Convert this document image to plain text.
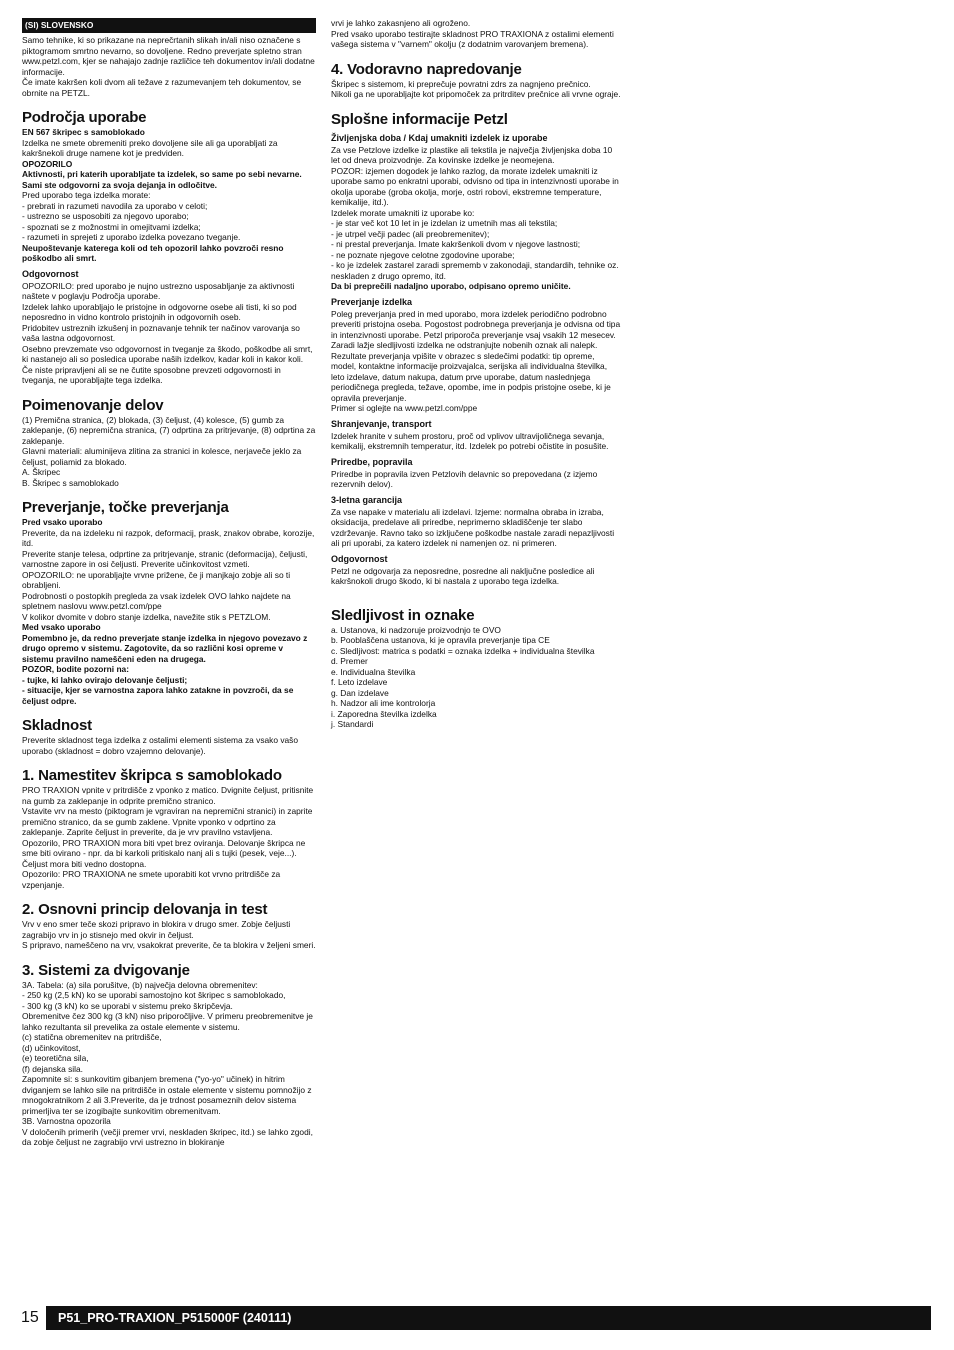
(SI) SLOVENSKO
Samo tehnike, ki so prikazane na neprečrtanih slikah in/ali niso označene s piktogramom smrtno nevarno, so dovoljene. Redno preverjate spletno stran www.petzl.com, kjer se nahajajo zadnje različice teh dokumentov in/ali dodatne informacije.
Če imate kakršen koli dvom ali težave z razumevanjem teh dokumentov, se obrnite na PETZL.
Področja uporabe
EN 567 škripec s samoblokado
Izdelka ne smete obremeniti preko dovoljene sile ali ga uporabljati za kakršnekoli druge namene kot je predviden.
OPOZORILO
Aktivnosti, pri katerih uporabljate ta izdelek, so same po sebi nevarne.
Sami ste odgovorni za svoja dejanja in odločitve.
Pred uporabo tega izdelka morate:
- prebrati in razumeti navodila za uporabo v celoti;
- ustrezno se usposobiti za njegovo uporabo;
- spoznati se z možnostmi in omejitvami izdelka;
- razumeti in sprejeti z uporabo izdelka povezano tveganje.
Neupoštevanje katerega koli od teh opozoril lahko povzroči resno poškodbo ali smrt.
Odgovornost
OPOZORILO: pred uporabo je nujno ustrezno usposabljanje za aktivnosti naštete v poglavju Področja uporabe.
Izdelek lahko uporabljajo le pristojne in odgovorne osebe ali tisti, ki so pod neposredno in vidno kontrolo pristojnih in odgovornih oseb.
Pridobitev ustreznih izkušenj in poznavanje tehnik ter načinov varovanja so vaša lastna odgovornost.
Osebno prevzemate vso odgovornost in tveganje za škodo, poškodbe ali smrt, ki nastanejo ali so posledica uporabe naših izdelkov, kadar koli in kakor koli. Če niste pripravljeni ali se ne čutite sposobne prevzeti odgovornosti in tveganja, ne uporabljajte tega izdelka.
Poimenovanje delov
(1) Premična stranica, (2) blokada, (3) čeljust, (4) kolesce, (5) gumb za zaklepanje, (6) nepremična stranica, (7) odprtina za pritrjevanje, (8) odprtina za zaklepanje.
Glavni materiali: aluminijeva zlitina za stranici in kolesce, nerjaveče jeklo za čeljust, poliamid za blokado.
A. Škripec
B. Škripec s samoblokado
Preverjanje, točke preverjanja
Pred vsako uporabo
Preverite, da na izdeleku ni razpok, deformacij, prask, znakov obrabe, korozije, itd.
Preverite stanje telesa, odprtine za pritrjevanje, stranic (deformacija), čeljusti, varnostne zapore in osi čeljusti. Preverite učinkovitost vzmeti.
OPOZORILO: ne uporabljajte vrvne priženе, če ji manjkajo zobje ali so ti obrabljeni.
Podrobnosti o postopkih pregleda za vsak izdelek OVO lahko najdete na spletnem naslovu www.petzl.com/ppe
V kolikor dvomite v dobro stanje izdelka, navežite stik s PETZLOM.
Med vsako uporabo
Pomembno je, da redno preverjate stanje izdelka in njegovo povezavo z drugo opremo v sistemu. Zagotovite, da so različni kosi opreme v sistemu pravilno nameščeni eden na drugega.
POZOR, bodite pozorni na:
- tujke, ki lahko ovirajo delovanje čeljusti;
- situacije, kjer se varnostna zapora lahko zatakne in povzroči, da se čeljust odpre.
Skladnost
Preverite skladnost tega izdelka z ostalimi elementi sistema za vsako vašo uporabo (skladnost = dobro vzajemno delovanje).
1. Namestitev škripca s samoblokado
PRO TRAXION vpnite v pritrdišče z vponko z matico. Dvignite čeljust, pritisnite na gumb za zaklepanje in odprite premično stranico.
Vstavite vrv na mesto (piktogram je vgraviran na nepremični stranici) in zaprite premično stranico, da se gumb zaklene. Vpnite vponko v odprtino za zaklepanje. Zaprite čeljust in preverite, da je vrv pravilno vstavljena.
Opozorilo, PRO TRAXION mora biti vpet brez oviranja. Delovanje škripca ne sme biti ovirano - npr. da bi karkoli pritiskalo nanj ali s tujki (pesek, veje...). Čeljust mora biti vedno dostopna.
Opozorilo: PRO TRAXIONA ne smete uporabiti kot vrvno pritrdišče za vzpenjanje.
2. Osnovni princip delovanja in test
Vrv v eno smer teče skozi pripravo in blokira v drugo smer. Zobje čeljusti zagrabijo vrv in jo stisnejo med okvir in čeljust.
S pripravo, nameščeno na vrv, vsakokrat preverite, če ta blokira v željeni smeri.
3. Sistemi za dvigovanje
3A. Tabela: (a) sila porušitve, (b) največja delovna obremenitev:
- 250 kg (2,5 kN) ko se uporabi samostojno kot škripec s samoblokado,
- 300 kg (3 kN) ko se uporabi v sistemu preko škripčevja.
Obremenitve čez 300 kg (3 kN) niso priporočljive. V primeru preobremenitve je lahko rezultanta sil prevelika za ostale elemente v sistemu.
(c) statična obremenitev na pritrdišče,
(d) učinkovitost,
(e) teoretična sila,
(f) dejanska sila.
Zapomnite si: s sunkovitim gibanjem bremena ("yo-yo" učinek) in hitrim dviganjem se lahko sile na pritrdišče in ostale elemente v sistemu pomnožijo z mnogokratnikom 2 ali 3.Preverite, da je trdnost posameznih delov sistema primerljiva ter se izogibajte sunkovitim obremenitvam.
3B. Varnostna opozorila
V določenih primerih (večji premer vrvi, neskladen škripec, itd.) se lahko zgodi, da zobje čeljust ne zagrabijo vrvi ustrezno in blokiranje
vrvi je lahko zakasnjeno ali ogroženo.
Pred vsako uporabo testirajte skladnost PRO TRAXIONA z ostalimi elementi vašega sistema v "varnem" okolju (z dodatnim varovanjem bremena).
4. Vodoravno napredovanje
Škripec s sistemom, ki preprečuje povratni zdrs za nagnjeno prečnico.
Nikoli ga ne uporabljajte kot pripomoček za pritrditev prečnice ali vrvne ograje.
Splošne informacije Petzl
Življenjska doba / Kdaj umakniti izdelek iz uporabe
Za vse Petzlove izdelke iz plastike ali tekstila je največja življenjska doba 10 let od dneva proizvodnje. Za kovinske izdelke je neomejena.
POZOR: izjemen dogodek je lahko razlog, da morate izdelek umakniti iz uporabe samo po enkratni uporabi, odvisno od tipa in intenzivnosti uporabe in okolja uporabe (groba okolja, morje, ostri robovi, ekstremne temperature, kemikalije, itd.).
Izdelek morate umakniti iz uporabe ko:
- je star več kot 10 let in je izdelan iz umetnih mas ali tekstila;
- je utrpel večji padec (ali preobremenitev);
- ni prestal preverjanja. Imate kakršenkoli dvom v njegove lastnosti;
- ne poznate njegove celotne zgodovine uporabe;
- ko je izdelek zastarel zaradi sprememb v zakonodaji, standardih, tehnike oz. neskladen z drugo opremo, itd.
Da bi preprečili nadaljno uporabo, odpisano opremo uničite.
Preverjanje izdelka
Poleg preverjanja pred in med uporabo, mora izdelek periodično podrobno preveriti pristojna oseba. Pogostost podrobnega preverjanja je odvisna od tipa in intenzivnosti uporabe. Petzl priporoča preverjanje vsaj vsakih 12 mesecev.
Zaradi lažje sledljivosti izdelka ne odstranjujte nobenih oznak ali nalepk.
Rezultate preverjanja vpišite v obrazec s sledečimi podatki: tip opreme, model, kontaktne informacije proizvajalca, serijska ali individualna številka, leto izdelave, datum nakupa, datum prve uporabe, datum naslednjega periodičnega pregleda, težave, opombe, ime in podpis pristojne osebe, ki je opravila preverjanje.
Primer si oglejte na www.petzl.com/ppe
Shranjevanje, transport
Izdelek hranite v suhem prostoru, proč od vplivov ultravijoličnega sevanja, kemikalij, ekstremnih temperatur, itd. Izdelek po potrebi očistite in posušite.
Priredbe, popravila
Priredbe in popravila izven Petzlovih delavnic so prepovedana (z izjemo rezervnih delov).
3-letna garancija
Za vse napake v materialu ali izdelavi. Izjeme: normalna obraba in izraba, oksidacija, predelave ali priredbe, neprimerno skladiščenje ter slabo vzdrževanje. Ravno tako so izključene poškodbe nastale zaradi nepazljivosti ali pri uporabi, za katero izdelek ni namenjen oz. ni primeren.
Odgovornost
Petzl ne odgovarja za neposredne, posredne ali naključne posledice ali kakršnokoli drugo škodo, ki bi nastala z uporabo tega izdelka.
Sledljivost in oznake
a. Ustanova, ki nadzoruje proizvodnjo te OVO
b. Pooblaščena ustanova, ki je opravila preverjanje tipa CE
c. Sledljivost: matrica s podatki = oznaka izdelka + individualna številka
d. Premer
e. Individualna številka
f. Leto izdelave
g. Dan izdelave
h. Nadzor ali ime kontrolorja
i. Zaporedna številka izdelka
j. Standardi
15	P51_PRO-TRAXION_P515000F (240111)
